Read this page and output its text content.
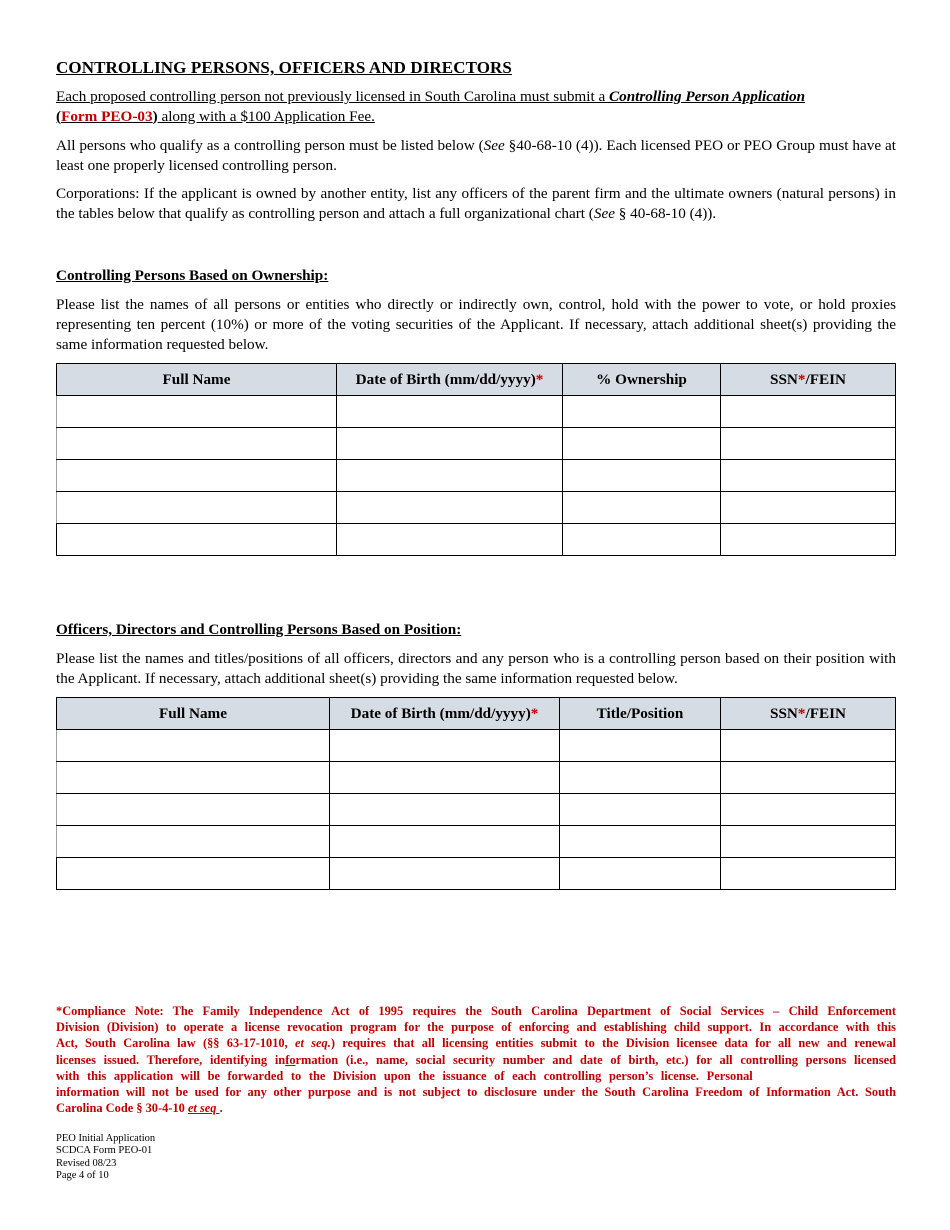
CONTROLLING PERSONS, OFFICERS AND DIRECTORS
Each proposed controlling person not previously licensed in South Carolina must submit a Controlling Person Application
(Form PEO-03) along with a $100 Application Fee.
All persons who qualify as a controlling person must be listed below (See §40-68-10 (4)). Each licensed PEO or PEO Group must have at least one properly licensed controlling person.
Corporations: If the applicant is owned by another entity, list any officers of the parent firm and the ultimate owners (natural persons) in the tables below that qualify as controlling person and attach a full organizational chart (See § 40-68-10 (4)).
Controlling Persons Based on Ownership:
Please list the names of all persons or entities who directly or indirectly own, control, hold with the power to vote, or hold proxies representing ten percent (10%) or more of the voting securities of the Applicant. If necessary, attach additional sheet(s) providing the same information requested below.
Full Name	Date of Birth (mm/dd/yyyy)*	% Ownership	SSN*/FEIN

Officers, Directors and Controlling Persons Based on Position:
Please list the names and titles/positions of all officers, directors and any person who is a controlling person based on their position with the Applicant. If necessary, attach additional sheet(s) providing the same information requested below.
Full Name	Date of Birth (mm/dd/yyyy)*	Title/Position	SSN*/FEIN

*Compliance Note: The Family Independence Act of 1995 requires the South Carolina Department of Social Services – Child Enforcement
Division (Division) to operate a license revocation program for the purpose of enforcing and establishing child support. In accordance with this
Act, South Carolina law (§§ 63-17-1010, et seq.) requires that all licensing entities submit to the Division licensee data for all new and renewal
licenses issued. Therefore, identifying information (i.e., name, social security number and date of birth, etc.) for all controlling persons licensed
with this application will be forwarded to the Division upon the issuance of each controlling person’s license. Personal
information will not be used for any other purpose and is not subject to disclosure under the South Carolina Freedom of Information Act. South
Carolina Code § 30-4-10 et seq .
PEO Initial Application
SCDCA Form PEO-01
Revised 08/23
Page 4 of 10
